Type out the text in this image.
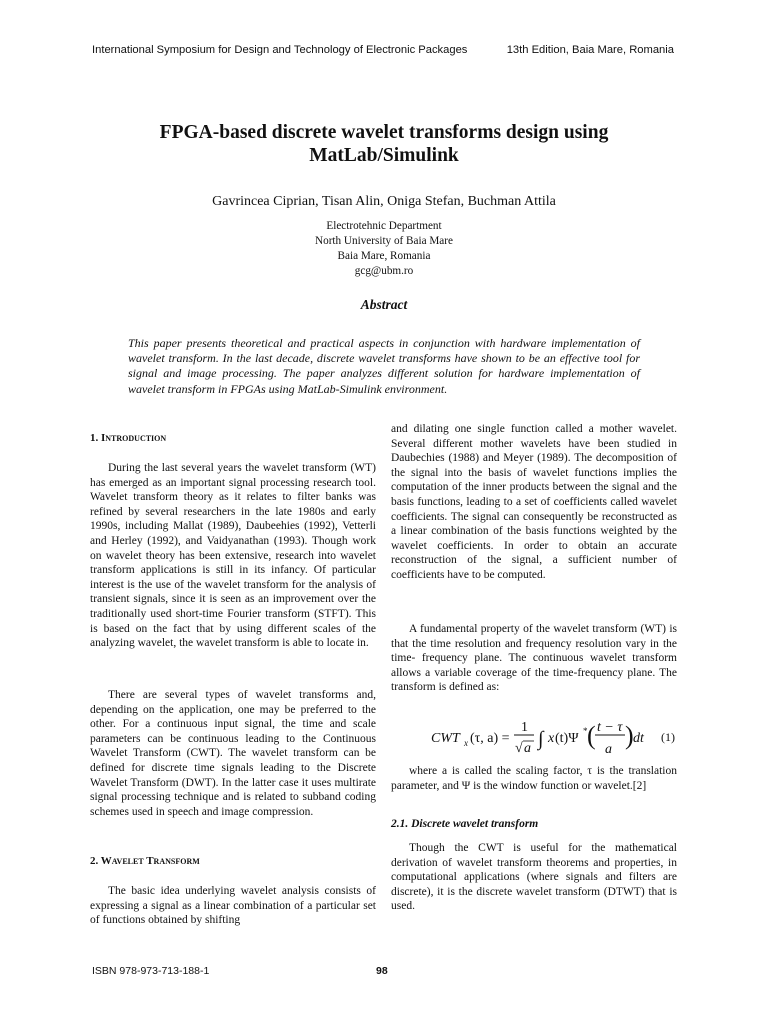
International Symposium for Design and Technology of Electronic Packages	13th Edition, Baia Mare, Romania
FPGA-based discrete wavelet transforms design using
MatLab/Simulink
Gavrincea Ciprian, Tisan Alin, Oniga Stefan, Buchman Attila
Electrotehnic Department
North University of Baia Mare
Baia Mare, Romania
gcg@ubm.ro
Abstract
This paper presents theoretical and practical aspects in conjunction with hardware implementation of wavelet transform. In the last decade, discrete wavelet transforms have shown to be an effective tool for signal and image processing. The paper analyzes different solution for hardware implementation of wavelet transform in FPGAs using MatLab-Simulink environment.
1. Introduction

During the last several years the wavelet transform (WT) has emerged as an important signal processing research tool. Wavelet transform theory as it relates to filter banks was refined by several researchers in the late 1980s and early 1990s, including Mallat (1989), Daubeehies (1992), Vetterli and Herley (1992), and Vaidyanathan (1993). Though work on wavelet theory has been extensive, research into wavelet transform applications is still in its infancy. Of particular interest is the use of the wavelet transform for the analysis of transient signals, since it is seen as an improvement over the traditionally used short-time Fourier transform (STFT). This is based on the fact that by using different scales of the analyzing wavelet, the wavelet transform is able to locate in.

There are several types of wavelet transforms and, depending on the application, one may be preferred to the other. For a continuous input signal, the time and scale parameters can be continuous leading to the Continuous Wavelet Transform (CWT). The wavelet transform can be defined for discrete time signals leading to the Discrete Wavelet Transform (DWT). In the latter case it uses multirate signal processing technique and is related to subband coding schemes used in speech and image compression.

2. Wavelet Transform

The basic idea underlying wavelet analysis consists of expressing a signal as a linear combination of a particular set of functions obtained by shifting

and dilating one single function called a mother wavelet. Several different mother wavelets have been studied in Daubechies (1988) and Meyer (1989). The decomposition of the signal into the basis of wavelet functions implies the computation of the inner products between the signal and the basis functions, leading to a set of coefficients called wavelet coefficients. The signal can consequently be reconstructed as a linear combination of the basis functions weighted by the wavelet coefficients. In order to obtain an accurate reconstruction of the signal, a sufficient number of coefficients have to be computed.

A fundamental property of the wavelet transform (WT) is that the time resolution and frequency resolution vary in the time- frequency plane. The continuous wavelet transform allows a variable coverage of the time-frequency plane. The transform is defined as:

CWT x (τ, a) =
1
√ a ∫ x (t)Ψ * ( t − τ
a ) dt (1)

where a is called the scaling factor, τ is the translation parameter, and Ψ is the window function or wavelet.[2]

2.1. Discrete wavelet transform

Though the CWT is useful for the mathematical derivation of wavelet transform theorems and properties, in computational applications (where signals and filters are discrete), it is the discrete wavelet transform (DTWT) that is used.

ISBN 978-973-713-188-1	98
